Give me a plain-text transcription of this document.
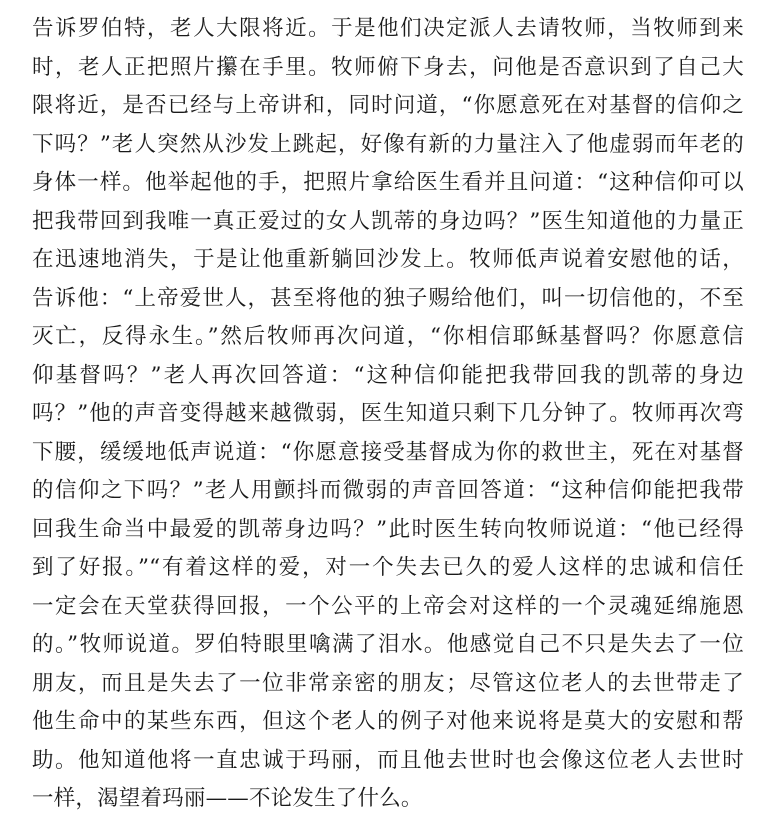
告诉罗伯特，老人大限将近。于是他们决定派人去请牧师，当牧师到来
时，老人正把照片攥在手里。牧师俯下身去，问他是否意识到了自己大
限将近，是否已经与上帝讲和，同时问道，“你愿意死在对基督的信仰之
下吗？”老人突然从沙发上跳起，好像有新的力量注入了他虚弱而年老的
身体一样。他举起他的手，把照片拿给医生看并且问道：“这种信仰可以
把我带回到我唯一真正爱过的女人凯蒂的身边吗？”医生知道他的力量正
在迅速地消失，于是让他重新躺回沙发上。牧师低声说着安慰他的话，
告诉他：“上帝爱世人，甚至将他的独子赐给他们，叫一切信他的，不至
灭亡，反得永生。”然后牧师再次问道，“你相信耶稣基督吗？你愿意信
仰基督吗？”老人再次回答道：“这种信仰能把我带回我的凯蒂的身边
吗？”他的声音变得越来越微弱，医生知道只剩下几分钟了。牧师再次弯
下腰，缓缓地低声说道：“你愿意接受基督成为你的救世主，死在对基督
的信仰之下吗？”老人用颤抖而微弱的声音回答道：“这种信仰能把我带
回我生命当中最爱的凯蒂身边吗？”此时医生转向牧师说道：“他已经得
到了好报。”“有着这样的爱，对一个失去已久的爱人这样的忠诚和信任
一定会在天堂获得回报，一个公平的上帝会对这样的一个灵魂延绵施恩
的。”牧师说道。罗伯特眼里噙满了泪水。他感觉自己不只是失去了一位
朋友，而且是失去了一位非常亲密的朋友；尽管这位老人的去世带走了
他生命中的某些东西，但这个老人的例子对他来说将是莫大的安慰和帮
助。他知道他将一直忠诚于玛丽，而且他去世时也会像这位老人去世时
一样，渴望着玛丽——不论发生了什么。
